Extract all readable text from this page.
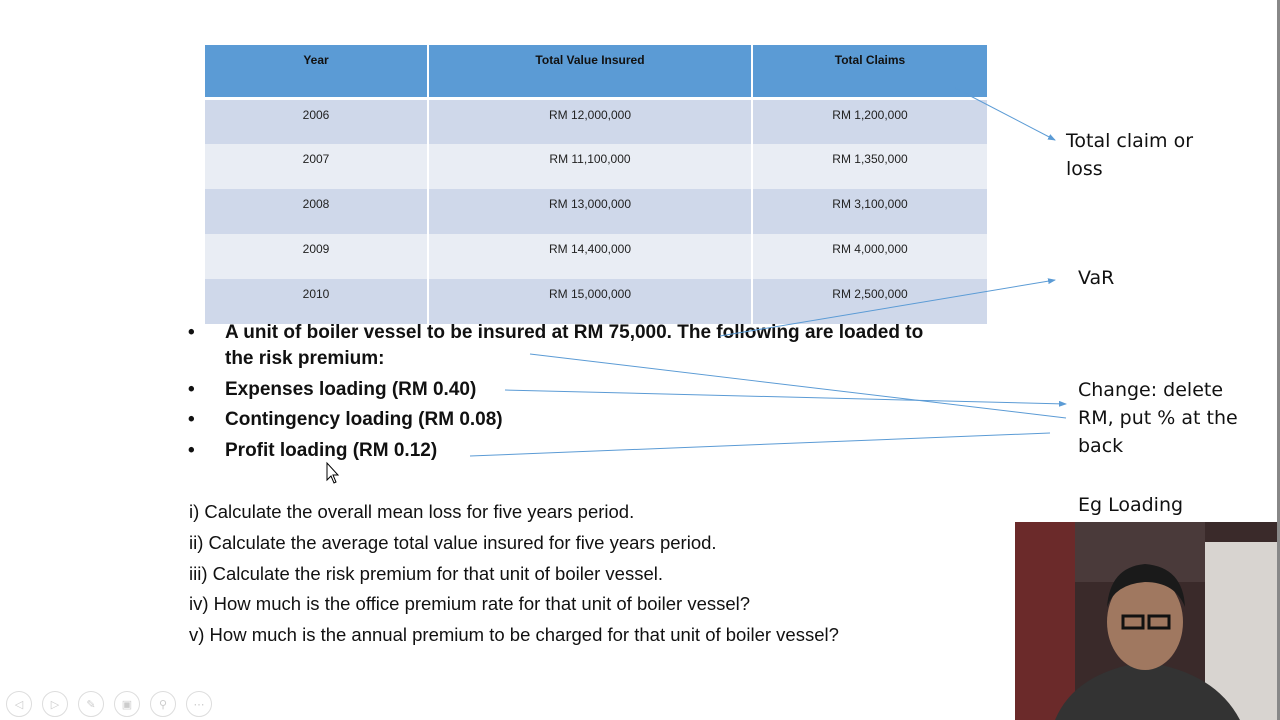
Year	Total Value Insured	Total Claims
2006	RM 12,000,000	RM 1,200,000
2007	RM 11,100,000	RM 1,350,000
2008	RM 13,000,000	RM 3,100,000
2009	RM 14,400,000	RM 4,000,000
2010	RM 15,000,000	RM 2,500,000
• A unit of boiler vessel to be insured at RM 75,000. The following are loaded to
the risk premium:
• Expenses loading (RM 0.40)
• Contingency loading (RM 0.08)
• Profit loading (RM 0.12)
i) Calculate the overall mean loss for five years period.
ii) Calculate the average total value insured for five years period.
iii) Calculate the risk premium for that unit of boiler vessel.
iv) How much is the office premium rate for that unit of boiler vessel?
v) How much is the annual premium to be charged for that unit of boiler vessel?
Total claim or loss
VaR
Change: delete RM, put % at the back
Eg Loading
◁	▷	✎	▣	⚲	⋯
